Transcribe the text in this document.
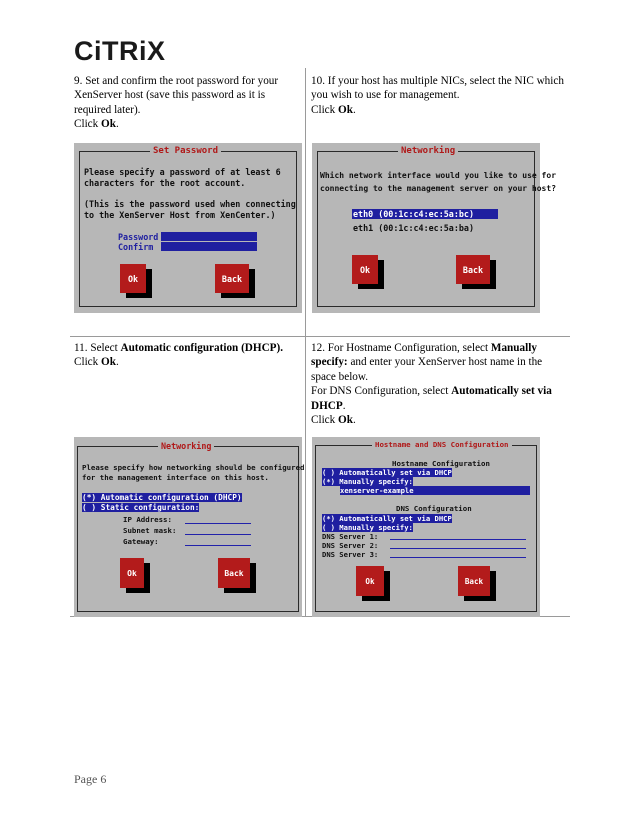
CiTRiX
9. Set and confirm the root password for your XenServer host (save this password as it is required later).
Click Ok.
10. If your host has multiple NICs, select the NIC which you wish to use for management.
Click Ok.
Set Password
Please specify a password of at least 6
characters for the root account.
(This is the password used when connecting
to the XenServer Host from XenCenter.)
Password
Confirm
Ok	Back
Networking
Which network interface would you like to use for
connecting to the management server on your host?
eth0 (00:1c:c4:ec:5a:bc)
eth1 (00:1c:c4:ec:5a:ba)
Ok	Back
11. Select Automatic configuration (DHCP).
Click Ok.
12. For Hostname Configuration, select Manually specify: and enter your XenServer host name in the space below.
For DNS Configuration, select Automatically set via DHCP.
Click Ok.
Networking
Please specify how networking should be configured
for the management interface on this host.
(*) Automatic configuration (DHCP)
( ) Static configuration:
IP Address:
Subnet mask:
Gateway:
Ok	Back
Hostname and DNS Configuration
Hostname Configuration
( ) Automatically set via DHCP
(*) Manually specify:
xenserver-example
DNS Configuration
(*) Automatically set via DHCP
( ) Manually specify:
DNS Server 1:
DNS Server 2:
DNS Server 3:
Ok	Back
Page 6
